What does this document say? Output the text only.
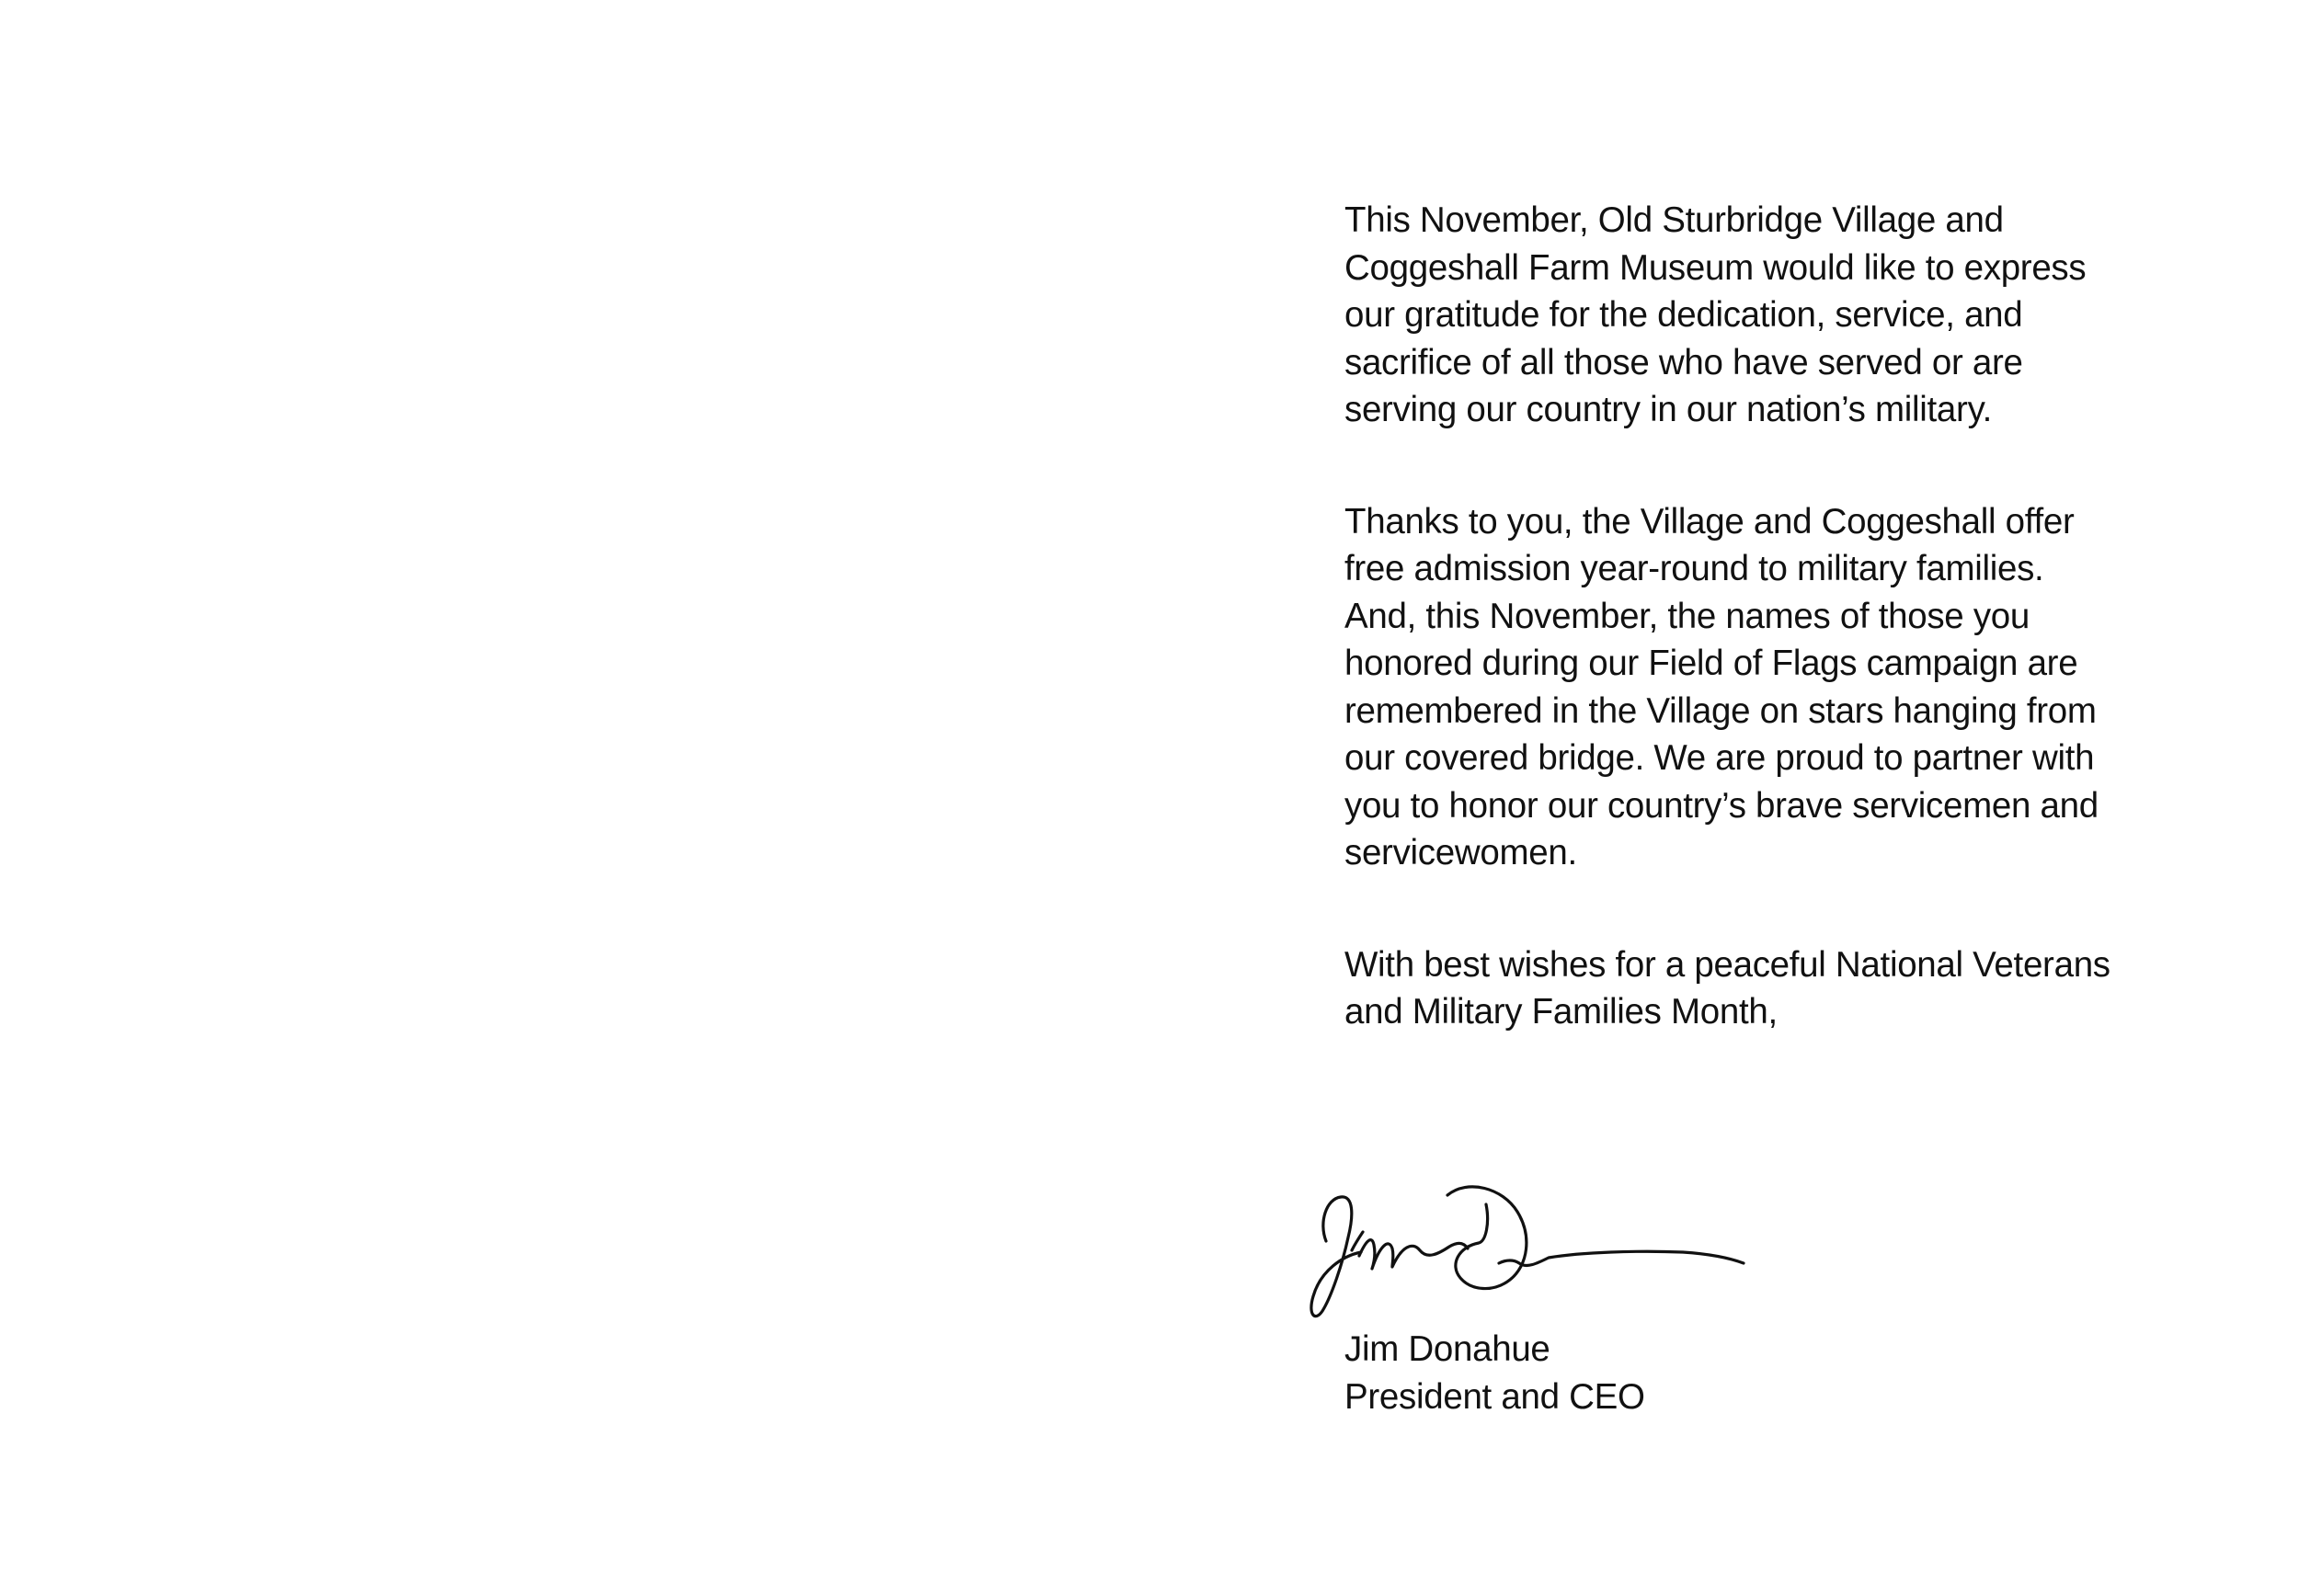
This November, Old Sturbridge Village and
Coggeshall Farm Museum would like to express
our gratitude for the dedication, service, and
sacrifice of all those who have served or are
serving our country in our nation’s military.

Thanks to you, the Village and Coggeshall offer
free admission year-round to military families.
And, this November, the names of those you
honored during our Field of Flags campaign are
remembered in the Village on stars hanging from
our covered bridge. We are proud to partner with
you to honor our country’s brave servicemen and
servicewomen.

With best wishes for a peaceful National Veterans
and Military Families Month,

Jim Donahue
President and CEO
